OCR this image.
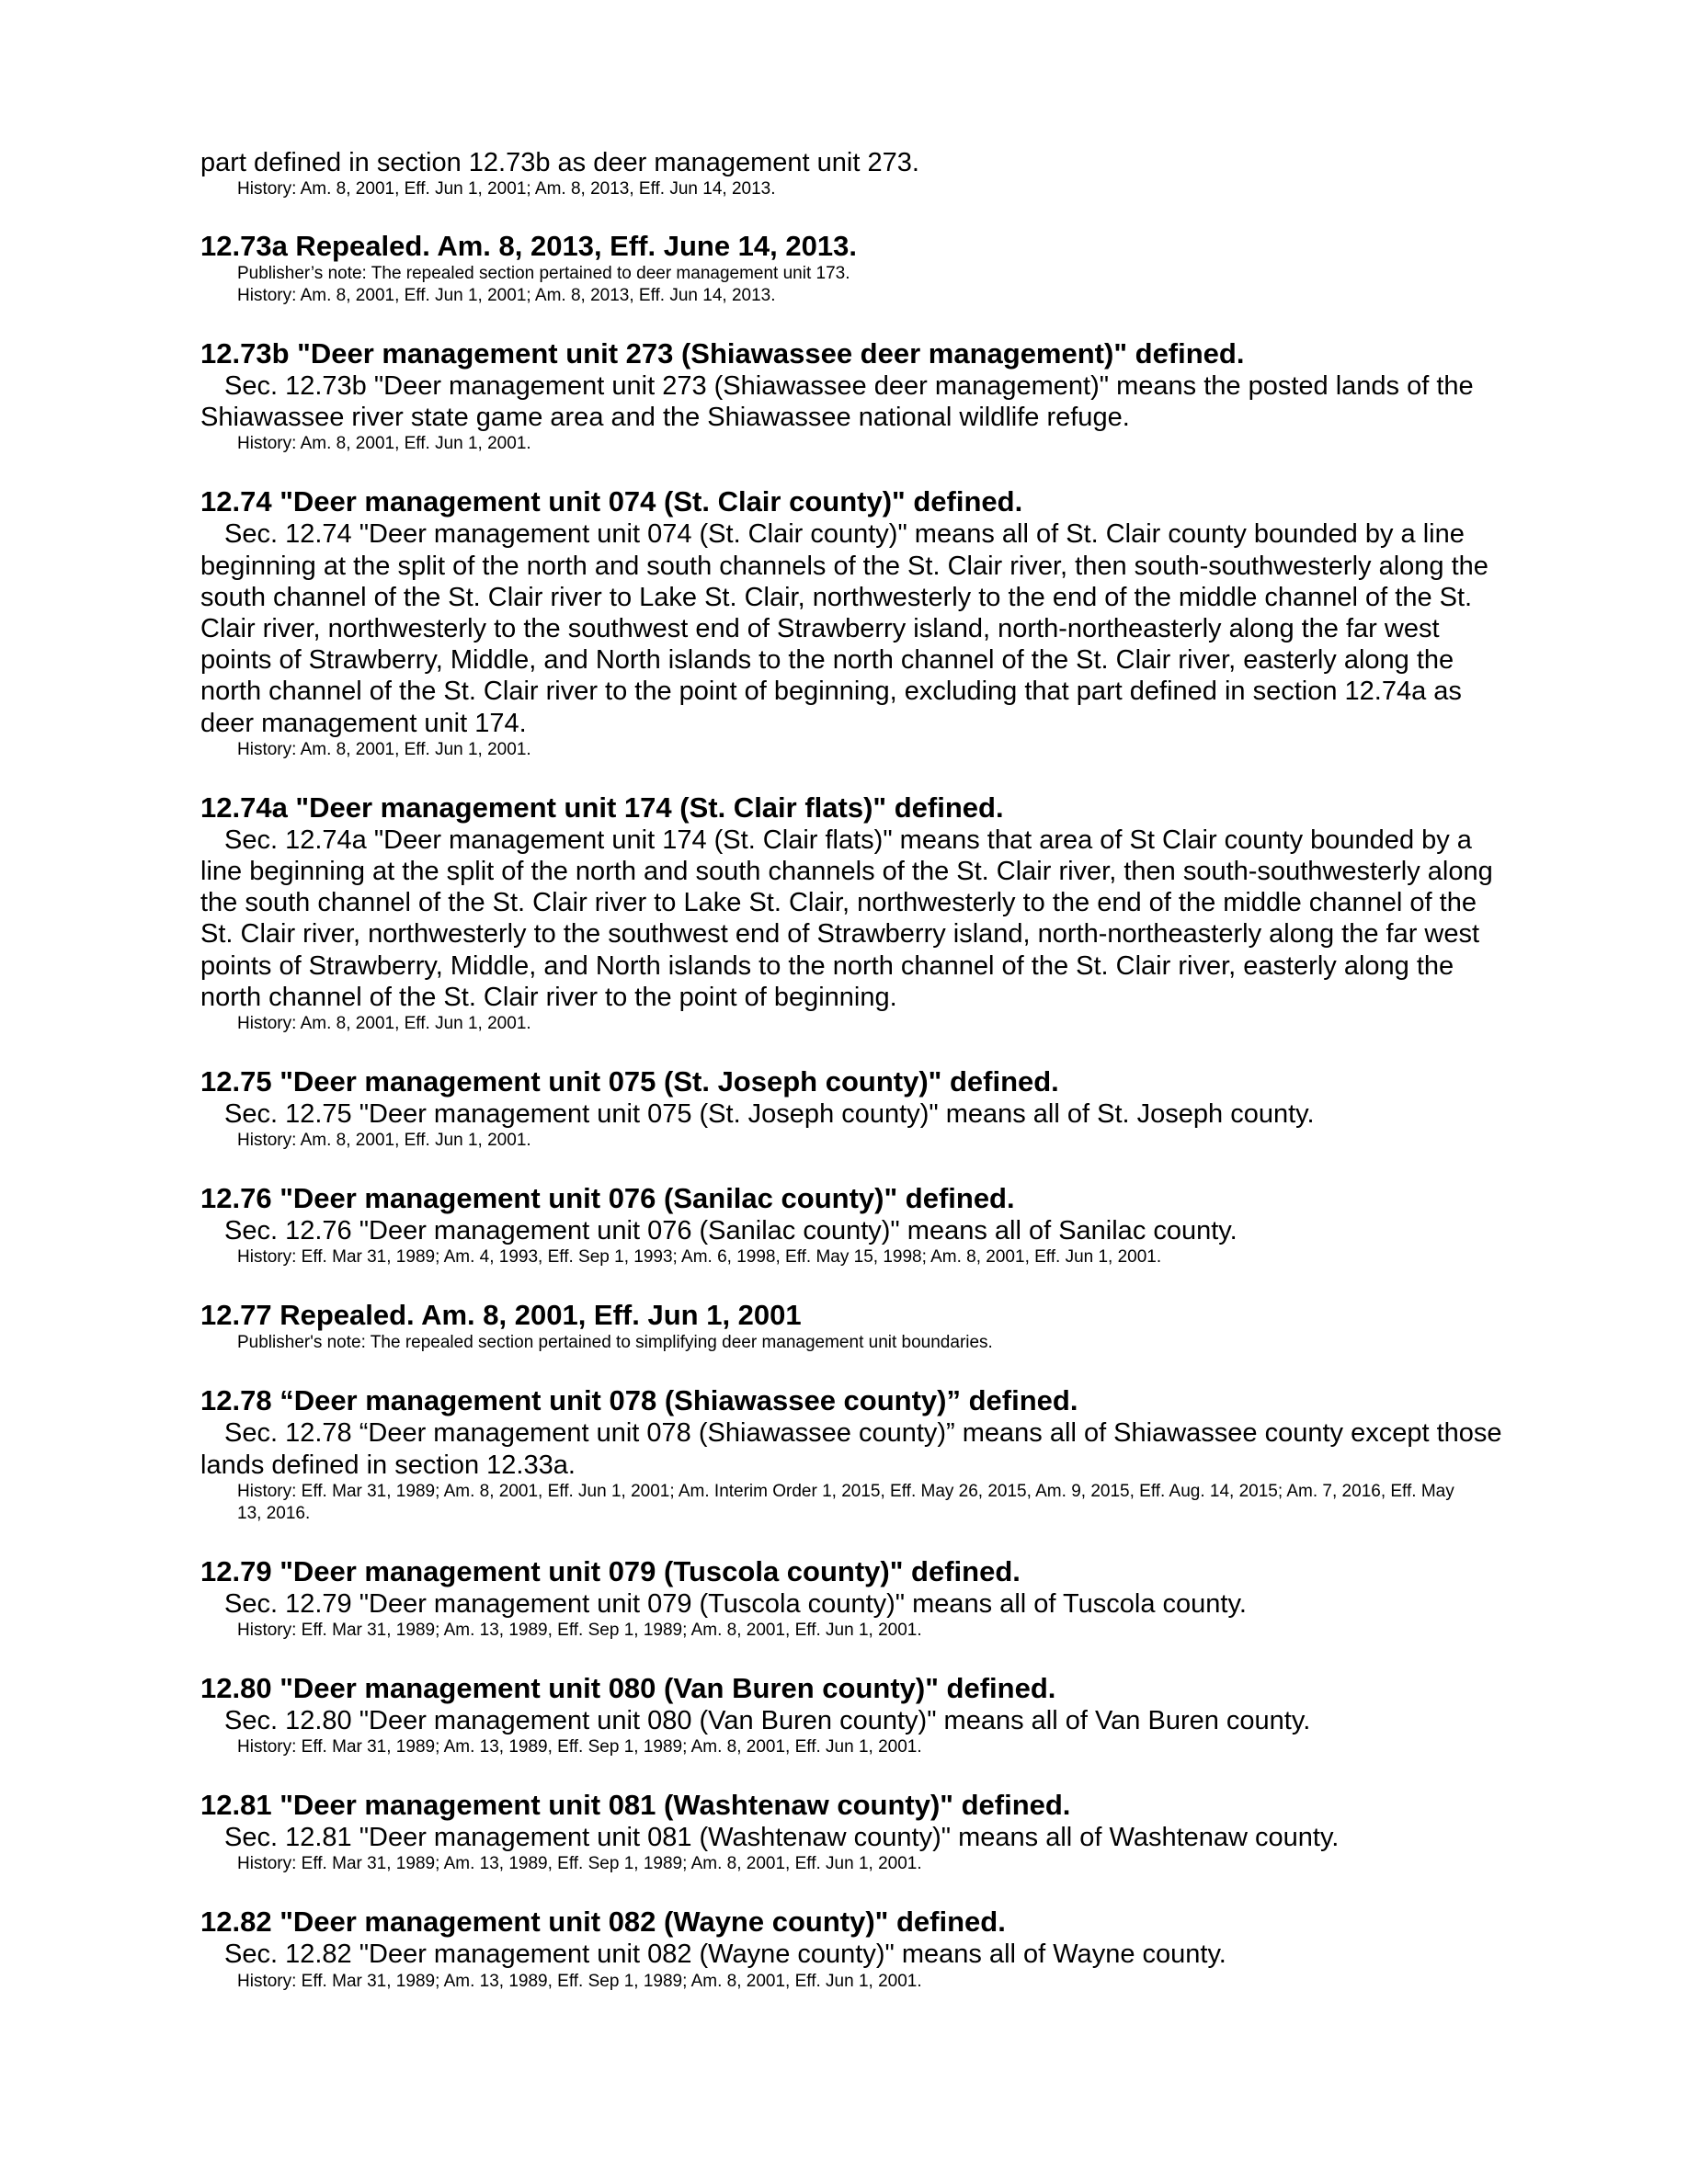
part defined in section 12.73b as deer management unit 273.

History: Am. 8, 2001, Eff. Jun 1, 2001; Am. 8, 2013, Eff. Jun 14, 2013.

12.73a Repealed. Am. 8, 2013, Eff. June 14, 2013.

Publisher’s note: The repealed section pertained to deer management unit 173.

History: Am. 8, 2001, Eff. Jun 1, 2001; Am. 8, 2013, Eff. Jun 14, 2013.

12.73b "Deer management unit 273 (Shiawassee deer management)" defined.

Sec. 12.73b "Deer management unit 273 (Shiawassee deer management)" means the posted lands of the Shiawassee river state game area and the Shiawassee national wildlife refuge.

History: Am. 8, 2001, Eff. Jun 1, 2001.

12.74 "Deer management unit 074 (St. Clair county)" defined.

Sec. 12.74 "Deer management unit 074 (St. Clair county)" means all of St. Clair county bounded by a line beginning at the split of the north and south channels of the St. Clair river, then south-southwesterly along the south channel of the St. Clair river to Lake St. Clair, northwesterly to the end of the middle channel of the St. Clair river, northwesterly to the southwest end of Strawberry island, north-northeasterly along the far west points of Strawberry, Middle, and North islands to the north channel of the St. Clair river, easterly along the north channel of the St. Clair river to the point of beginning, excluding that part defined in section 12.74a as deer management unit 174.

History: Am. 8, 2001, Eff. Jun 1, 2001.

12.74a "Deer management unit 174 (St. Clair flats)" defined.

Sec. 12.74a "Deer management unit 174 (St. Clair flats)" means that area of St Clair county bounded by a line beginning at the split of the north and south channels of the St. Clair river, then south-southwesterly along the south channel of the St. Clair river to Lake St. Clair, northwesterly to the end of the middle channel of the St. Clair river, northwesterly to the southwest end of Strawberry island, north-northeasterly along the far west points of Strawberry, Middle, and North islands to the north channel of the St. Clair river, easterly along the north channel of the St. Clair river to the point of beginning.

History: Am. 8, 2001, Eff. Jun 1, 2001.

12.75 "Deer management unit 075 (St. Joseph county)" defined.

Sec. 12.75 "Deer management unit 075 (St. Joseph county)" means all of St. Joseph county.

History: Am. 8, 2001, Eff. Jun 1, 2001.

12.76 "Deer management unit 076 (Sanilac county)" defined.

Sec. 12.76 "Deer management unit 076 (Sanilac county)" means all of Sanilac county.

History: Eff. Mar 31, 1989; Am. 4, 1993, Eff. Sep 1, 1993; Am. 6, 1998, Eff. May 15, 1998; Am. 8, 2001, Eff. Jun 1, 2001.

12.77 Repealed. Am. 8, 2001, Eff. Jun 1, 2001

Publisher's note: The repealed section pertained to simplifying deer management unit boundaries.

12.78 “Deer management unit 078 (Shiawassee county)” defined.

Sec. 12.78 “Deer management unit 078 (Shiawassee county)” means all of Shiawassee county except those lands defined in section 12.33a.

History: Eff. Mar 31, 1989; Am. 8, 2001, Eff. Jun 1, 2001; Am. Interim Order 1, 2015, Eff. May 26, 2015, Am. 9, 2015, Eff. Aug. 14, 2015; Am. 7, 2016, Eff. May 13, 2016.

12.79 "Deer management unit 079 (Tuscola county)" defined.

Sec. 12.79 "Deer management unit 079 (Tuscola county)" means all of Tuscola county.

History: Eff. Mar 31, 1989; Am. 13, 1989, Eff. Sep 1, 1989; Am. 8, 2001, Eff. Jun 1, 2001.

12.80 "Deer management unit 080 (Van Buren county)" defined.

Sec. 12.80 "Deer management unit 080 (Van Buren county)" means all of Van Buren county.

History: Eff. Mar 31, 1989; Am. 13, 1989, Eff. Sep 1, 1989; Am. 8, 2001, Eff. Jun 1, 2001.

12.81 "Deer management unit 081 (Washtenaw county)" defined.

Sec. 12.81 "Deer management unit 081 (Washtenaw county)" means all of Washtenaw county.

History: Eff. Mar 31, 1989; Am. 13, 1989, Eff. Sep 1, 1989; Am. 8, 2001, Eff. Jun 1, 2001.

12.82 "Deer management unit 082 (Wayne county)" defined.

Sec. 12.82 "Deer management unit 082 (Wayne county)" means all of Wayne county.

History: Eff. Mar 31, 1989; Am. 13, 1989, Eff. Sep 1, 1989; Am. 8, 2001, Eff. Jun 1, 2001.
